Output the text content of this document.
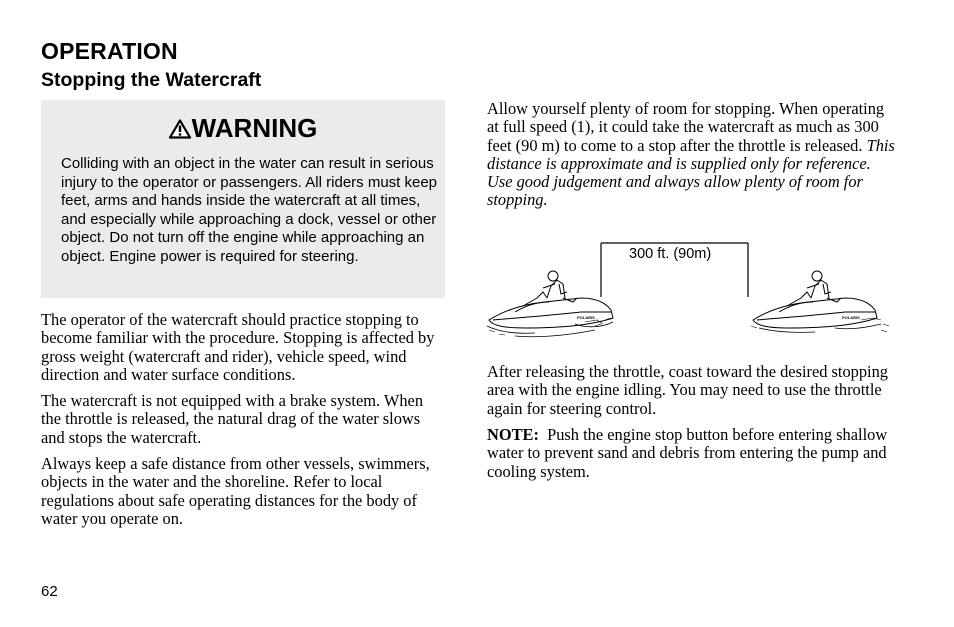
OPERATION
Stopping the Watercraft
WARNING
Colliding with an object in the water can result in serious injury to the operator or passengers. All riders must keep feet, arms and hands inside the watercraft at all times, and especially while approaching a dock, vessel or other object. Do not turn off the engine while approaching an object. Engine power is required for steering.

The operator of the watercraft should practice stopping to become familiar with the procedure. Stopping is affected by gross weight (watercraft and rider), vehicle speed, wind direction and water surface conditions.

The watercraft is not equipped with a brake system. When the throttle is released, the natural drag of the water slows and stops the watercraft.

Always keep a safe distance from other vessels, swimmers, objects in the water and the shoreline. Refer to local regulations about safe operating distances for the body of water you operate on.

Allow yourself plenty of room for stopping. When operating at full speed (1), it could take the watercraft as much as 300 feet (90 m) to come to a stop after the throttle is released. This distance is approximate and is supplied only for reference. Use good judgement and always allow plenty of room for stopping.

POLARIS	POLARIS
300 ft. (90m)

After releasing the throttle, coast toward the desired stopping area with the engine idling. You may need to use the throttle again for steering control.

NOTE:  Push the engine stop button before entering shallow water to prevent sand and debris from entering the pump and cooling system.

62
